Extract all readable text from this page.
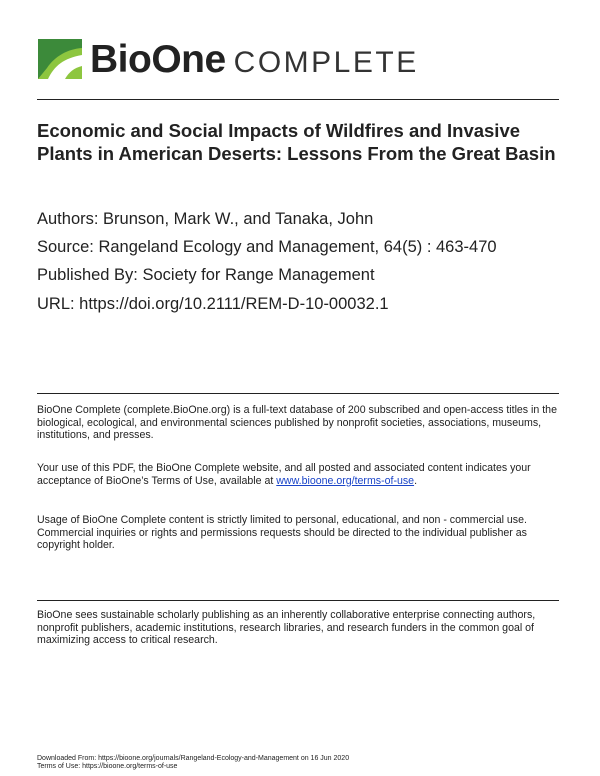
BioOne COMPLETE
Economic and Social Impacts of Wildfires and Invasive Plants in American Deserts: Lessons From the Great Basin
Authors: Brunson, Mark W., and Tanaka, John
Source: Rangeland Ecology and Management, 64(5) : 463-470
Published By: Society for Range Management
URL: https://doi.org/10.2111/REM-D-10-00032.1

BioOne Complete (complete.BioOne.org) is a full-text database of 200 subscribed and open-access titles in the biological, ecological, and environmental sciences published by nonprofit societies, associations, museums, institutions, and presses.

Your use of this PDF, the BioOne Complete website, and all posted and associated content indicates your acceptance of BioOne’s Terms of Use, available at www.bioone.org/terms-of-use.

Usage of BioOne Complete content is strictly limited to personal, educational, and non - commercial use. Commercial inquiries or rights and permissions requests should be directed to the individual publisher as copyright holder.

BioOne sees sustainable scholarly publishing as an inherently collaborative enterprise connecting authors, nonprofit publishers, academic institutions, research libraries, and research funders in the common goal of maximizing access to critical research.

Downloaded From: https://bioone.org/journals/Rangeland-Ecology-and-Management on 16 Jun 2020
Terms of Use: https://bioone.org/terms-of-use
